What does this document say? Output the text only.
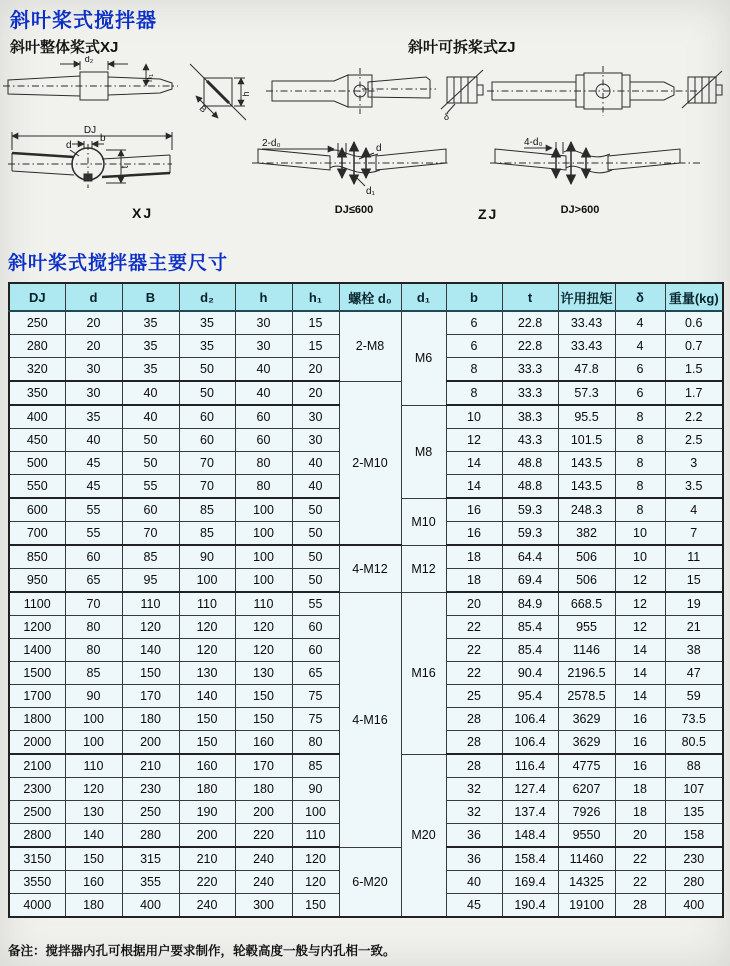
斜叶桨式搅拌器
斜叶整体桨式XJ	斜叶可拆桨式ZJ
d₂
h₁
B
h
δ
DJ
b
d
t
XJ
2-d₀	d
d₁
DJ≤600
4-d₀
DJ>600
ZJ
斜叶桨式搅拌器主要尺寸
DJ	d	B	d₂	h	h₁	螺栓 d₀	d₁	b	t	许用扭矩	δ	重量(kg)
250	20	35	35	30	15	2-M8	M6	6	22.8	33.43	4	0.6
280	20	35	35	30	15			6	22.8	33.43	4	0.7
320	30	35	50	40	20			8	33.3	47.8	6	1.5
350	30	40	50	40	20	2-M10		8	33.3	57.3	6	1.7
400	35	40	60	60	30		M8	10	38.3	95.5	8	2.2
450	40	50	60	60	30			12	43.3	101.5	8	2.5
500	45	50	70	80	40			14	48.8	143.5	8	3
550	45	55	70	80	40			14	48.8	143.5	8	3.5
600	55	60	85	100	50		M10	16	59.3	248.3	8	4
700	55	70	85	100	50			16	59.3	382	10	7
850	60	85	90	100	50	4-M12	M12	18	64.4	506	10	11
950	65	95	100	100	50			18	69.4	506	12	15
1100	70	110	110	110	55	4-M16	M16	20	84.9	668.5	12	19
1200	80	120	120	120	60			22	85.4	955	12	21
1400	80	140	120	120	60			22	85.4	1146	14	38
1500	85	150	130	130	65			22	90.4	2196.5	14	47
1700	90	170	140	150	75			25	95.4	2578.5	14	59
1800	100	180	150	150	75			28	106.4	3629	16	73.5
2000	100	200	150	160	80			28	106.4	3629	16	80.5
2100	110	210	160	170	85		M20	28	116.4	4775	16	88
2300	120	230	180	180	90			32	127.4	6207	18	107
2500	130	250	190	200	100			32	137.4	7926	18	135
2800	140	280	200	220	110			36	148.4	9550	20	158
3150	150	315	210	240	120	6-M20		36	158.4	11460	22	230
3550	160	355	220	240	120			40	169.4	14325	22	280
4000	180	400	240	300	150			45	190.4	19100	28	400
备注：搅拌器内孔可根据用户要求制作，轮毂高度一般与内孔相一致。
